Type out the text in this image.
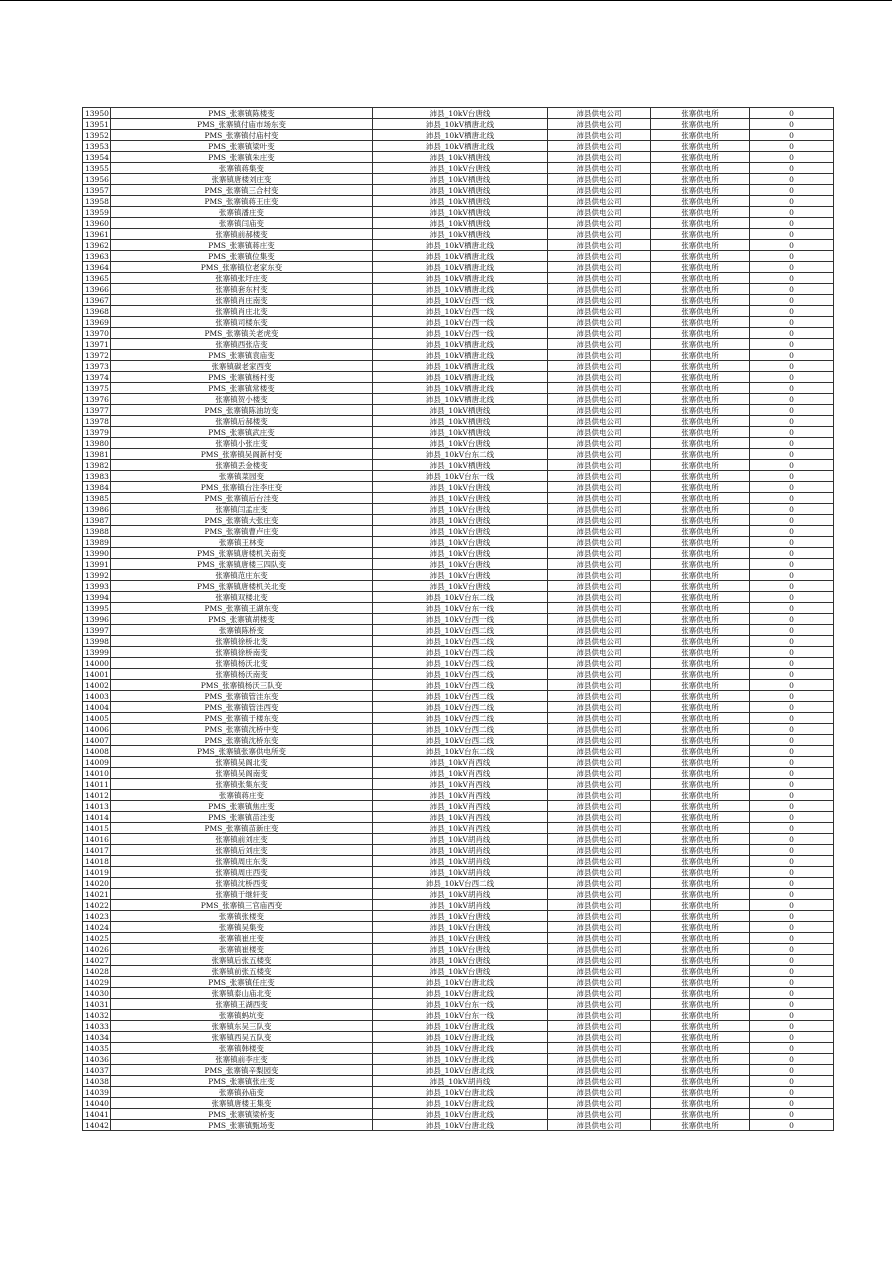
13950	PMS_张寨镇陈楼变	沛县_10kV台唐线	沛县供电公司	张寨供电所	0
13951	PMS_张寨镇付庙市场东变	沛县_10kV栖唐北线	沛县供电公司	张寨供电所	0
13952	PMS_张寨镇付庙村变	沛县_10kV栖唐北线	沛县供电公司	张寨供电所	0
13953	PMS_张寨镇梁叶变	沛县_10kV栖唐北线	沛县供电公司	张寨供电所	0
13954	PMS_张寨镇朱庄变	沛县_10kV栖唐线	沛县供电公司	张寨供电所	0
13955	张寨镇蒋集变	沛县_10kV台唐线	沛县供电公司	张寨供电所	0
13956	张寨镇唐楼刘庄变	沛县_10kV栖唐线	沛县供电公司	张寨供电所	0
13957	PMS_张寨镇三合村变	沛县_10kV栖唐线	沛县供电公司	张寨供电所	0
13958	PMS_张寨镇蒋王庄变	沛县_10kV栖唐线	沛县供电公司	张寨供电所	0
13959	张寨镇潘庄变	沛县_10kV栖唐线	沛县供电公司	张寨供电所	0
13960	张寨镇闫庙变	沛县_10kV栖唐线	沛县供电公司	张寨供电所	0
13961	张寨镇前郝楼变	沛县_10kV栖唐线	沛县供电公司	张寨供电所	0
13962	PMS_张寨镇蒋庄变	沛县_10kV栖唐北线	沛县供电公司	张寨供电所	0
13963	PMS_张寨镇位集变	沛县_10kV栖唐北线	沛县供电公司	张寨供电所	0
13964	PMS_张寨镇位老家东变	沛县_10kV栖唐北线	沛县供电公司	张寨供电所	0
13965	张寨镇张圩庄变	沛县_10kV栖唐北线	沛县供电公司	张寨供电所	0
13966	张寨镇套东村变	沛县_10kV栖唐北线	沛县供电公司	张寨供电所	0
13967	张寨镇肖庄南变	沛县_10kV台西一线	沛县供电公司	张寨供电所	0
13968	张寨镇肖庄北变	沛县_10kV台西一线	沛县供电公司	张寨供电所	0
13969	张寨镇司楼东变	沛县_10kV台西一线	沛县供电公司	张寨供电所	0
13970	PMS_张寨镇关老虎变	沛县_10kV台西一线	沛县供电公司	张寨供电所	0
13971	张寨镇西张店变	沛县_10kV栖唐北线	沛县供电公司	张寨供电所	0
13972	PMS_张寨镇袁庙变	沛县_10kV栖唐北线	沛县供电公司	张寨供电所	0
13973	张寨镇碳老家西变	沛县_10kV栖唐北线	沛县供电公司	张寨供电所	0
13974	PMS_张寨镇杨村变	沛县_10kV栖唐北线	沛县供电公司	张寨供电所	0
13975	PMS_张寨镇常楼变	沛县_10kV栖唐北线	沛县供电公司	张寨供电所	0
13976	张寨镇贺小楼变	沛县_10kV栖唐北线	沛县供电公司	张寨供电所	0
13977	PMS_张寨镇陈油坊变	沛县_10kV栖唐线	沛县供电公司	张寨供电所	0
13978	张寨镇后郝楼变	沛县_10kV栖唐线	沛县供电公司	张寨供电所	0
13979	PMS_张寨镇武庄变	沛县_10kV栖唐线	沛县供电公司	张寨供电所	0
13980	张寨镇小张庄变	沛县_10kV台唐线	沛县供电公司	张寨供电所	0
13981	PMS_张寨镇吴阁新村变	沛县_10kV台东二线	沛县供电公司	张寨供电所	0
13982	张寨镇丢金楼变	沛县_10kV栖唐线	沛县供电公司	张寨供电所	0
13983	张寨镇菜园变	沛县_10kV台东一线	沛县供电公司	张寨供电所	0
13984	PMS_张寨镇台注李庄变	沛县_10kV台唐线	沛县供电公司	张寨供电所	0
13985	PMS_张寨镇后台洼变	沛县_10kV台唐线	沛县供电公司	张寨供电所	0
13986	张寨镇闫孟庄变	沛县_10kV台唐线	沛县供电公司	张寨供电所	0
13987	PMS_张寨镇大张庄变	沛县_10kV台唐线	沛县供电公司	张寨供电所	0
13988	PMS_张寨镇曹卢庄变	沛县_10kV台唐线	沛县供电公司	张寨供电所	0
13989	张寨镇王林变	沛县_10kV台唐线	沛县供电公司	张寨供电所	0
13990	PMS_张寨镇唐楼机关南变	沛县_10kV台唐线	沛县供电公司	张寨供电所	0
13991	PMS_张寨镇唐楼三四队变	沛县_10kV台唐线	沛县供电公司	张寨供电所	0
13992	张寨镇范庄东变	沛县_10kV台唐线	沛县供电公司	张寨供电所	0
13993	PMS_张寨镇唐楼机关北变	沛县_10kV台唐线	沛县供电公司	张寨供电所	0
13994	张寨镇双楼北变	沛县_10kV台东二线	沛县供电公司	张寨供电所	0
13995	PMS_张寨镇王湖东变	沛县_10kV台东一线	沛县供电公司	张寨供电所	0
13996	PMS_张寨镇胡楼变	沛县_10kV台西一线	沛县供电公司	张寨供电所	0
13997	张寨镇陈桥变	沛县_10kV台西二线	沛县供电公司	张寨供电所	0
13998	张寨镇徐桥北变	沛县_10kV台西二线	沛县供电公司	张寨供电所	0
13999	张寨镇徐桥南变	沛县_10kV台西二线	沛县供电公司	张寨供电所	0
14000	张寨镇杨沃北变	沛县_10kV台西二线	沛县供电公司	张寨供电所	0
14001	张寨镇杨沃南变	沛县_10kV台西二线	沛县供电公司	张寨供电所	0
14002	PMS_张寨镇杨沃三队变	沛县_10kV台西二线	沛县供电公司	张寨供电所	0
14003	PMS_张寨镇管洼东变	沛县_10kV台西二线	沛县供电公司	张寨供电所	0
14004	PMS_张寨镇管洼西变	沛县_10kV台西二线	沛县供电公司	张寨供电所	0
14005	PMS_张寨镇于楼东变	沛县_10kV台西二线	沛县供电公司	张寨供电所	0
14006	PMS_张寨镇沈桥中变	沛县_10kV台西二线	沛县供电公司	张寨供电所	0
14007	PMS_张寨镇沈桥东变	沛县_10kV台西二线	沛县供电公司	张寨供电所	0
14008	PMS_张寨镇张寨供电所变	沛县_10kV台东二线	沛县供电公司	张寨供电所	0
14009	张寨镇吴阁北变	沛县_10kV肖西线	沛县供电公司	张寨供电所	0
14010	张寨镇吴阁南变	沛县_10kV肖西线	沛县供电公司	张寨供电所	0
14011	张寨镇张集东变	沛县_10kV肖西线	沛县供电公司	张寨供电所	0
14012	张寨镇蒋庄变	沛县_10kV肖西线	沛县供电公司	张寨供电所	0
14013	PMS_张寨镇焦庄变	沛县_10kV肖西线	沛县供电公司	张寨供电所	0
14014	PMS_张寨镇苗洼变	沛县_10kV肖西线	沛县供电公司	张寨供电所	0
14015	PMS_张寨镇苗新庄变	沛县_10kV肖西线	沛县供电公司	张寨供电所	0
14016	张寨镇前刘庄变	沛县_10kV胡肖线	沛县供电公司	张寨供电所	0
14017	张寨镇后刘庄变	沛县_10kV胡肖线	沛县供电公司	张寨供电所	0
14018	张寨镇周庄东变	沛县_10kV胡肖线	沛县供电公司	张寨供电所	0
14019	张寨镇周庄西变	沛县_10kV胡肖线	沛县供电公司	张寨供电所	0
14020	张寨镇沈桥西变	沛县_10kV台西二线	沛县供电公司	张寨供电所	0
14021	张寨镇于继轩变	沛县_10kV胡肖线	沛县供电公司	张寨供电所	0
14022	PMS_张寨镇三官庙西变	沛县_10kV胡肖线	沛县供电公司	张寨供电所	0
14023	张寨镇张楼变	沛县_10kV台唐线	沛县供电公司	张寨供电所	0
14024	张寨镇吴集变	沛县_10kV台唐线	沛县供电公司	张寨供电所	0
14025	张寨镇崔庄变	沛县_10kV台唐线	沛县供电公司	张寨供电所	0
14026	张寨镇崔楼变	沛县_10kV台唐线	沛县供电公司	张寨供电所	0
14027	张寨镇后张五楼变	沛县_10kV台唐线	沛县供电公司	张寨供电所	0
14028	张寨镇前张五楼变	沛县_10kV台唐线	沛县供电公司	张寨供电所	0
14029	PMS_张寨镇任庄变	沛县_10kV台唐北线	沛县供电公司	张寨供电所	0
14030	张寨镇泰山庙北变	沛县_10kV台唐北线	沛县供电公司	张寨供电所	0
14031	张寨镇王湖西变	沛县_10kV台东一线	沛县供电公司	张寨供电所	0
14032	张寨镇蚂坑变	沛县_10kV台东一线	沛县供电公司	张寨供电所	0
14033	张寨镇东吴三队变	沛县_10kV台唐北线	沛县供电公司	张寨供电所	0
14034	张寨镇西吴五队变	沛县_10kV台唐北线	沛县供电公司	张寨供电所	0
14035	张寨镇韩楼变	沛县_10kV台唐北线	沛县供电公司	张寨供电所	0
14036	张寨镇前李庄变	沛县_10kV台唐北线	沛县供电公司	张寨供电所	0
14037	PMS_张寨镇辛梨园变	沛县_10kV台唐北线	沛县供电公司	张寨供电所	0
14038	PMS_张寨镇张庄变	沛县_10kV胡肖线	沛县供电公司	张寨供电所	0
14039	张寨镇孙庙变	沛县_10kV台唐北线	沛县供电公司	张寨供电所	0
14040	张寨镇唐楼王集变	沛县_10kV台唐北线	沛县供电公司	张寨供电所	0
14041	PMS_张寨镇梁桥变	沛县_10kV台唐北线	沛县供电公司	张寨供电所	0
14042	PMS_张寨镇甄场变	沛县_10kV台唐北线	沛县供电公司	张寨供电所	0
